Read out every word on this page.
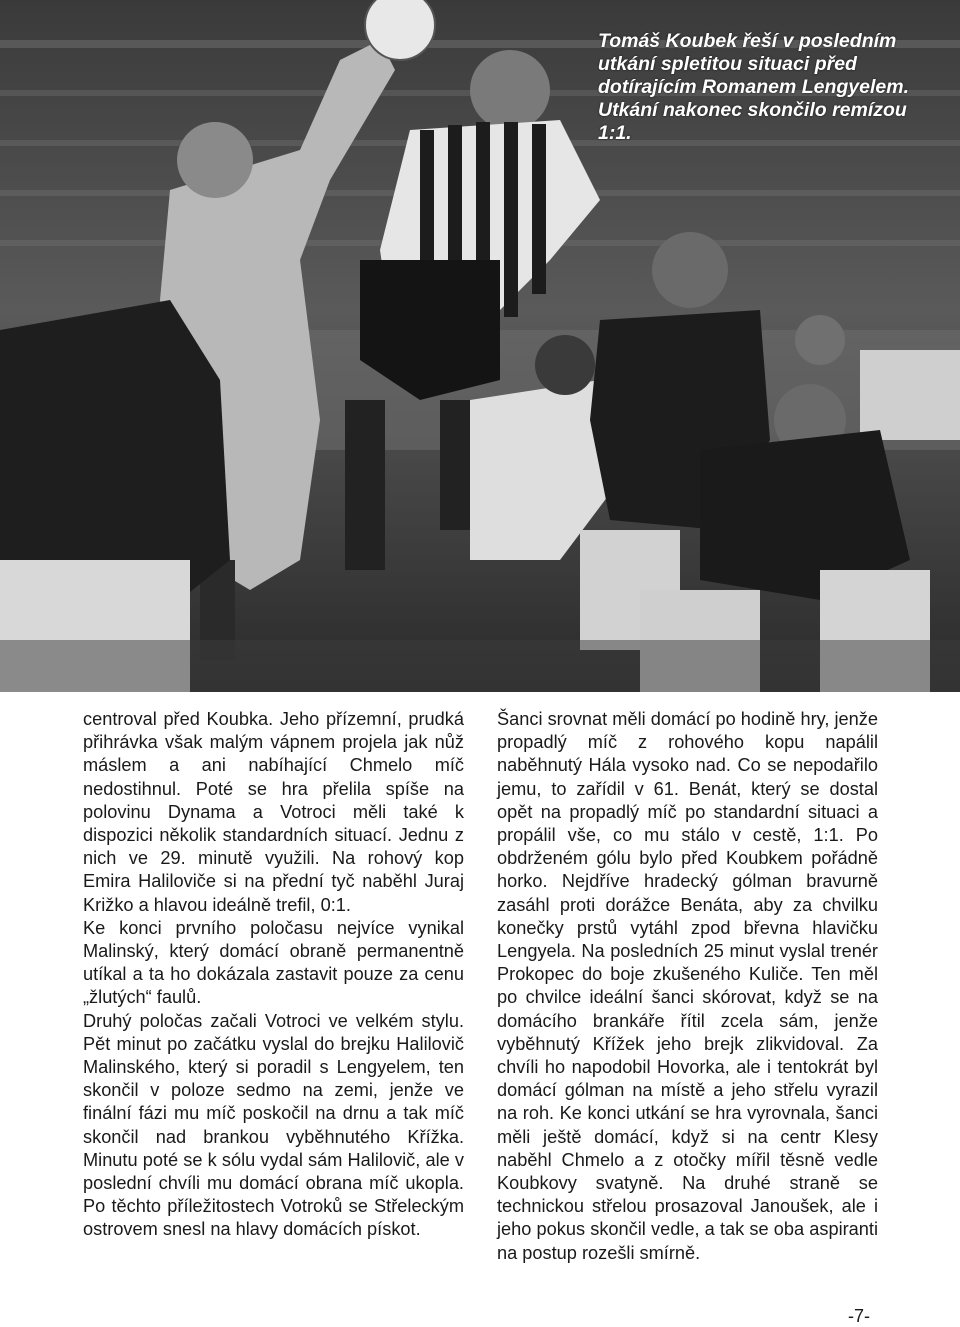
Tomáš Koubek řeší v posledním utkání spletitou situaci před dotírajícím Romanem Lengyelem. Utkání nakonec skončilo remízou 1:1.

centroval před Koubka. Jeho přízemní, prudká přihrávka však malým vápnem projela jak nůž máslem a ani nabíhající Chmelo míč nedostihnul. Poté se hra přelila spíše na polovinu Dynama a Votroci měli také k dispozici několik standardních situací. Jednu z nich ve 29. minutě využili. Na rohový kop Emira Haliloviče si na přední tyč naběhl Juraj Križko a hlavou ideálně trefil, 0:1.

Ke konci prvního poločasu nejvíce vynikal Malinský, který domácí obraně permanentně utíkal a ta ho dokázala zastavit pouze za cenu „žlutých“ faulů.

Druhý poločas začali Votroci ve velkém stylu. Pět minut po začátku vyslal do brejku Halilovič Malinského, který si poradil s Lengyelem, ten skončil v poloze sedmo na zemi, jenže ve finální fázi mu míč poskočil na drnu a tak míč skončil nad brankou vyběhnutého Křížka. Minutu poté se k sólu vydal sám Halilovič, ale v poslední chvíli mu domácí obrana míč ukopla. Po těchto příležitostech Votroků se Střeleckým ostrovem snesl na hlavy domácích pískot.

Šanci srovnat měli domácí po hodině hry, jenže propadlý míč z rohového kopu napálil naběhnutý Hála vysoko nad. Co se nepodařilo jemu, to zařídil v 61. Benát, který se dostal opět na propadlý míč po standardní situaci a propálil vše, co mu stálo v cestě, 1:1. Po obdrženém gólu bylo před Koubkem pořádně horko. Nejdříve hradecký gólman bravurně zasáhl proti dorážce Benáta, aby za chvilku konečky prstů vytáhl zpod břevna hlavičku Lengyela. Na posledních 25 minut vyslal trenér Prokopec do boje zkušeného Kuliče. Ten měl po chvilce ideální šanci skórovat, když se na domácího brankáře řítil zcela sám, jenže vyběhnutý Křížek jeho brejk zlikvidoval. Za chvíli ho napodobil Hovorka, ale i tentokrát byl domácí gólman na místě a jeho střelu vyrazil na roh. Ke konci utkání se hra vyrovnala, šanci měli ještě domácí, když si na centr Klesy naběhl Chmelo a z otočky mířil těsně vedle Koubkovy svatyně. Na druhé straně se technickou střelou prosazoval Janoušek, ale i jeho pokus skončil vedle, a tak se oba aspiranti na postup rozešli smírně.

-7-
